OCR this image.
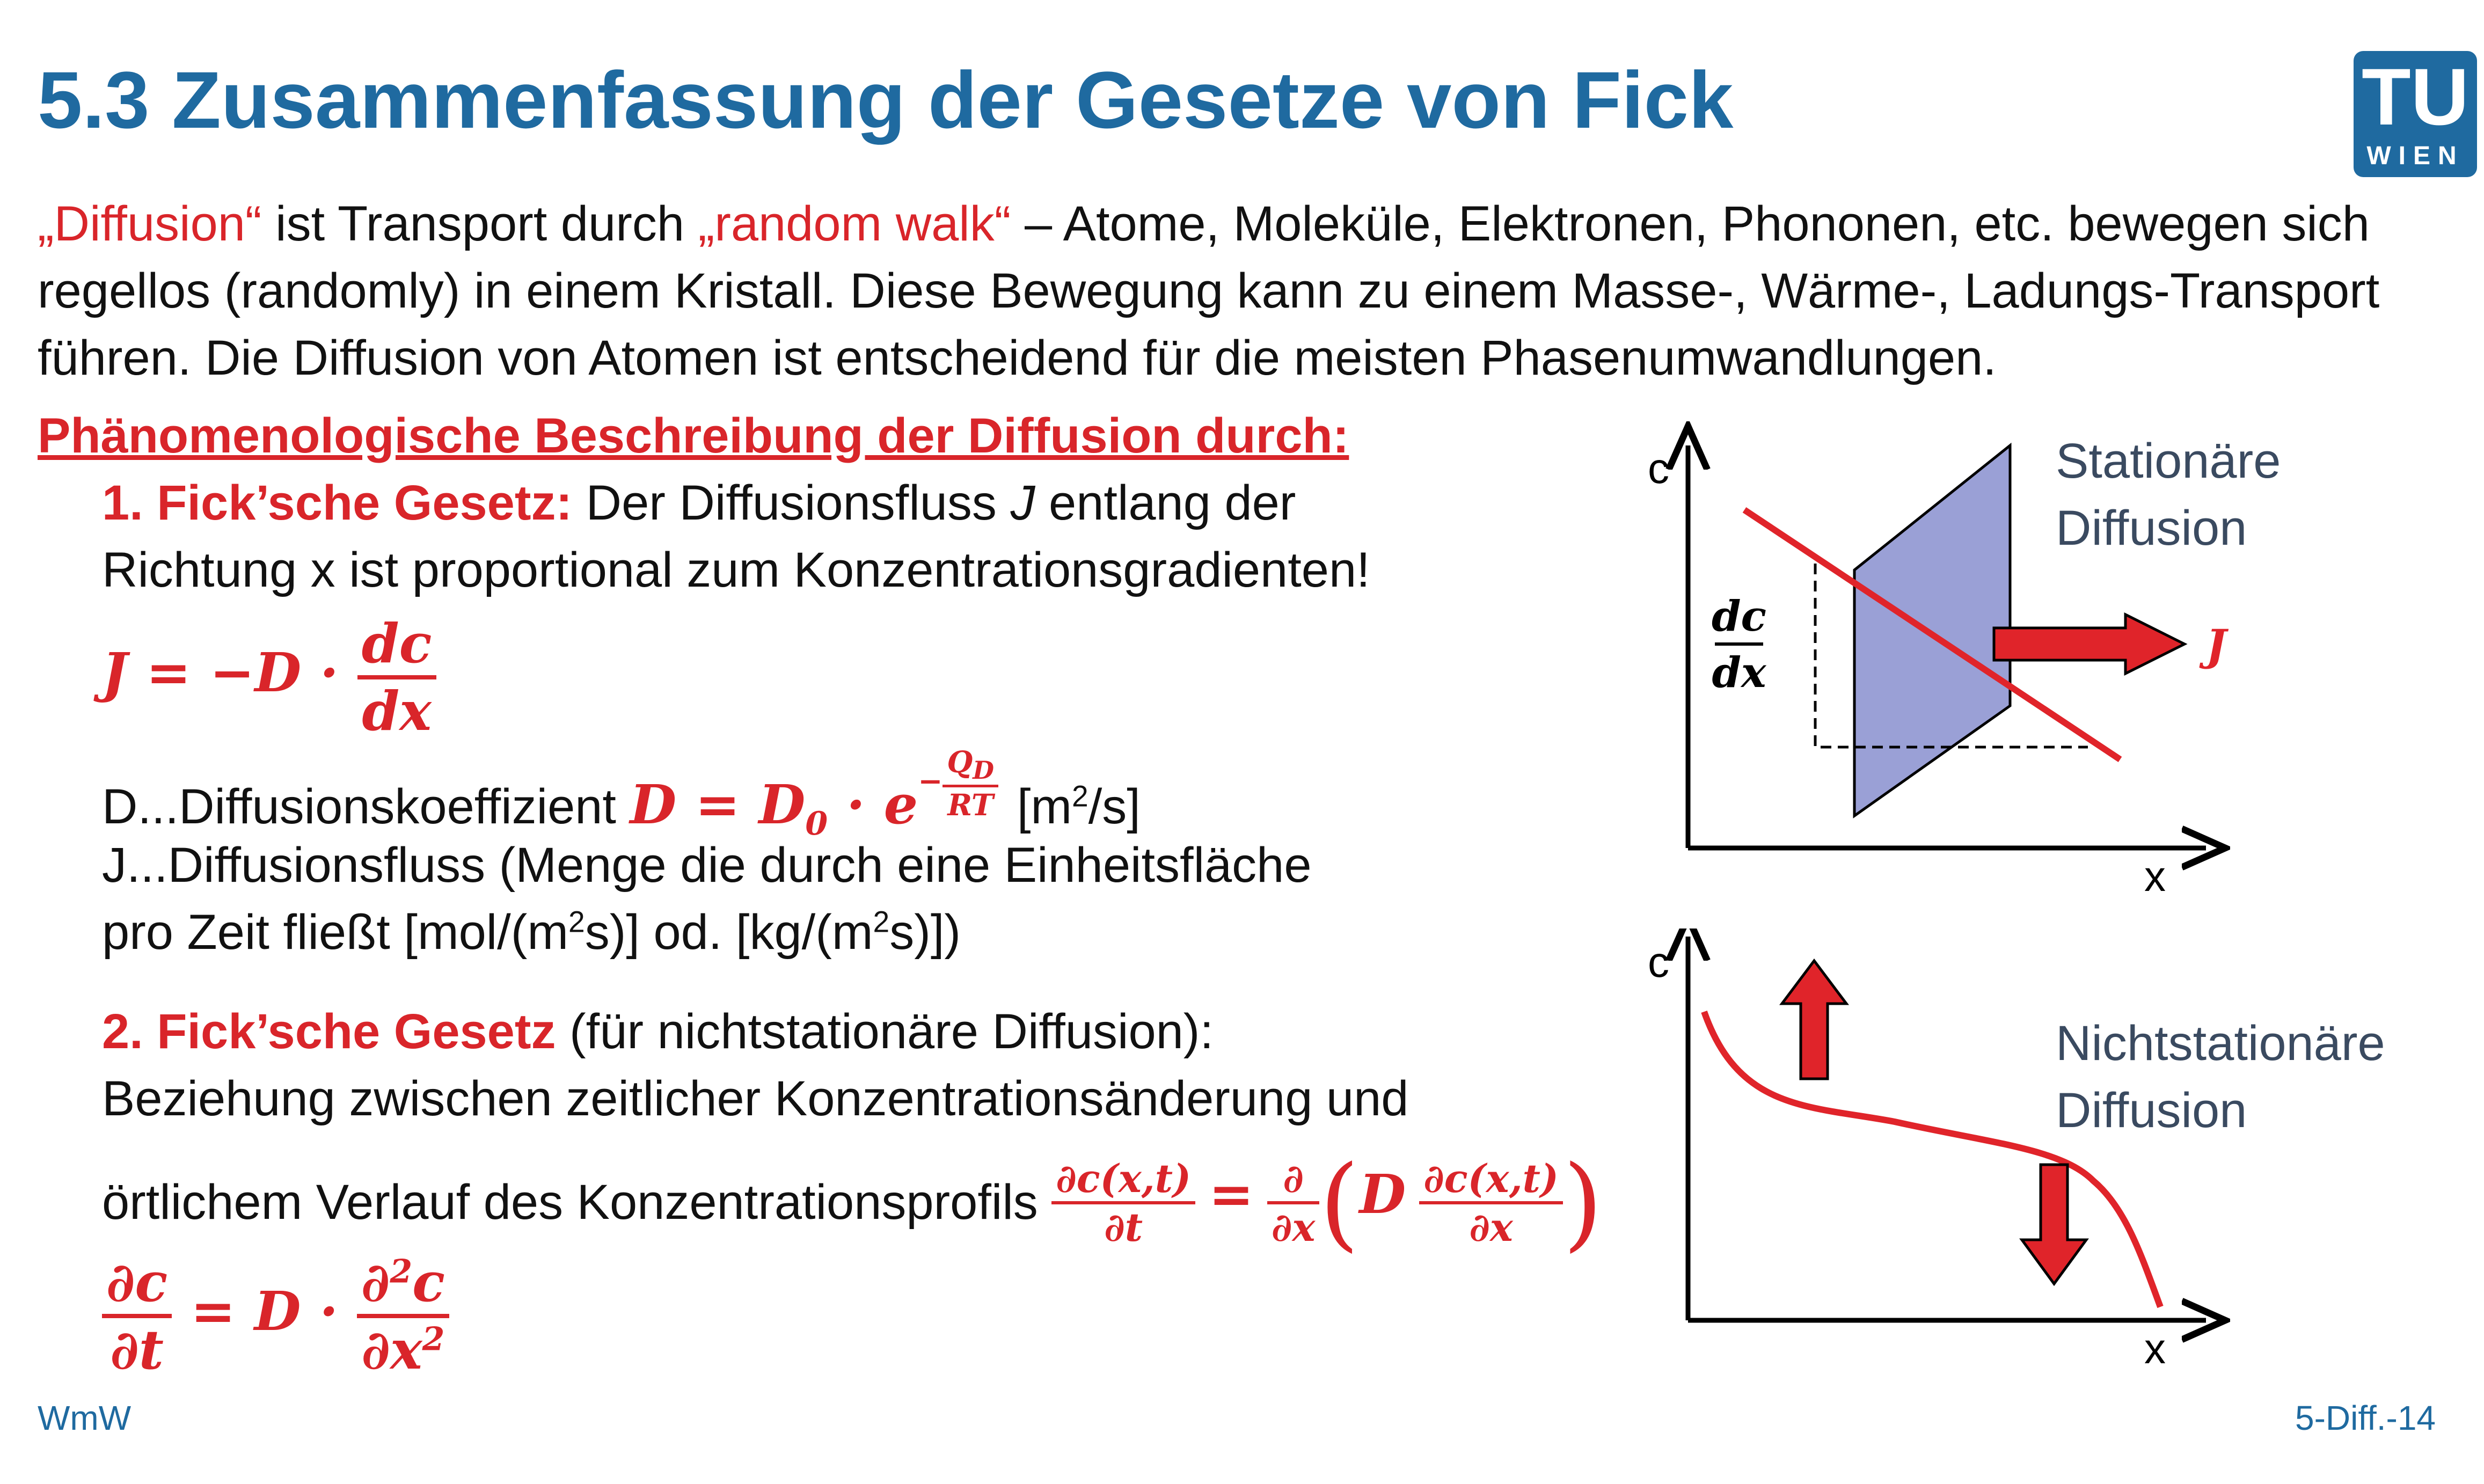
5.3 Zusammenfassung der Gesetze von Fick	TU
WIEN
„Diffusion“ ist Transport durch „random walk“ – Atome, Moleküle, Elektronen, Phononen, etc. bewegen sich regellos (randomly) in einem Kristall. Diese Bewegung kann zu einem Masse-, Wärme-, Ladungs-Transport führen. Die Diffusion von Atomen ist entscheidend für die meisten Phasenumwandlungen.
Phänomenologische Beschreibung der Diffusion durch:
1. Fick’sche Gesetz: Der Diffusionsfluss J entlang der
Richtung x ist proportional zum Konzentrationsgradienten!
$J = -D \cdot \frac{dc}{dx}$
D...Diffusionskoeffizient $D = D_0 \cdot e^{- \frac{Q_D}{RT}}$ $[m^2/s]$
J...Diffusionsfluss (Menge die durch eine Einheitsfläche
pro Zeit fließt $[mol/(m^2s)]$ od. $[kg/(m^2s)]$)
2. Fick’sche Gesetz (für nichtstationäre Diffusion):
Beziehung zwischen zeitlicher Konzentrationsänderung und
örtlichem Verlauf des Konzentrationsprofils $\frac{\partial c(x,t)}{\partial t} = \frac{\partial}{\partial x} (D \frac{\partial c(x,t)}{\partial x}$ )
$\frac{\partial c}{\partial t} = D \cdot \frac{\partial^2c}{\partial x^2}$
c
x
Stationäre
Diffusion
J
dc
dx
c
x
Nichtstationäre
Diffusion
WmW	5-Diff.-14
